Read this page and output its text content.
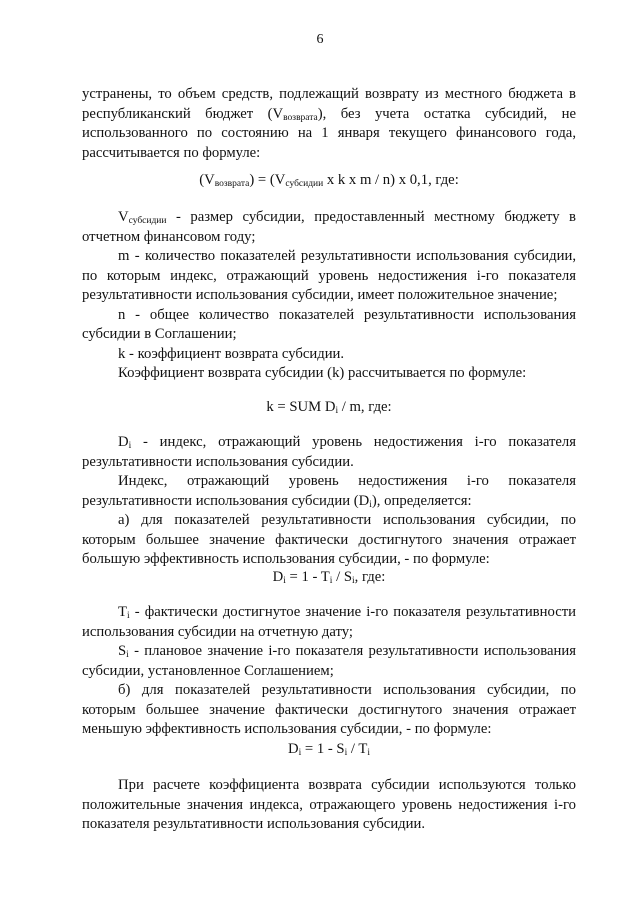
6

устранены, то объем средств, подлежащий возврату из местного бюджета в республиканский бюджет $(V_{возврата})$, без учета остатка субсидий, не использованного по состоянию на 1 января текущего финансового года, рассчитывается по формуле:

$(V_{возврата}) = (V_{субсидии}$ x k x m / n) x 0,1, где:

$V_{субсидии}$ - размер субсидии, предоставленный местному бюджету в отчетном финансовом году;

m - количество показателей результативности использования субсидии, по которым индекс, отражающий уровень недостижения i-го показателя результативности использования субсидии, имеет положительное значение;

n - общее количество показателей результативности использования субсидии в Соглашении;

k - коэффициент возврата субсидии.

Коэффициент возврата субсидии (k) рассчитывается по формуле:

k = SUM $D_i$ / m, где:

$D_i$ - индекс, отражающий уровень недостижения i-го показателя результативности использования субсидии.

Индекс, отражающий уровень недостижения i-го показателя результативности использования субсидии $(D_i)$, определяется:

а) для показателей результативности использования субсидии, по которым большее значение фактически достигнутого значения отражает большую эффективность использования субсидии, - по формуле:

$D_i = 1 - T_i / S_i$, где:

$T_i$ - фактически достигнутое значение i-го показателя результативности использования субсидии на отчетную дату;

$S_i$ - плановое значение i-го показателя результативности использования субсидии, установленное Соглашением;

б) для показателей результативности использования субсидии, по которым большее значение фактически достигнутого значения отражает меньшую эффективность использования субсидии, - по формуле:

$D_i = 1 - S_i / T_i$

При расчете коэффициента возврата субсидии используются только положительные значения индекса, отражающего уровень недостижения i-го показателя результативности использования субсидии.
